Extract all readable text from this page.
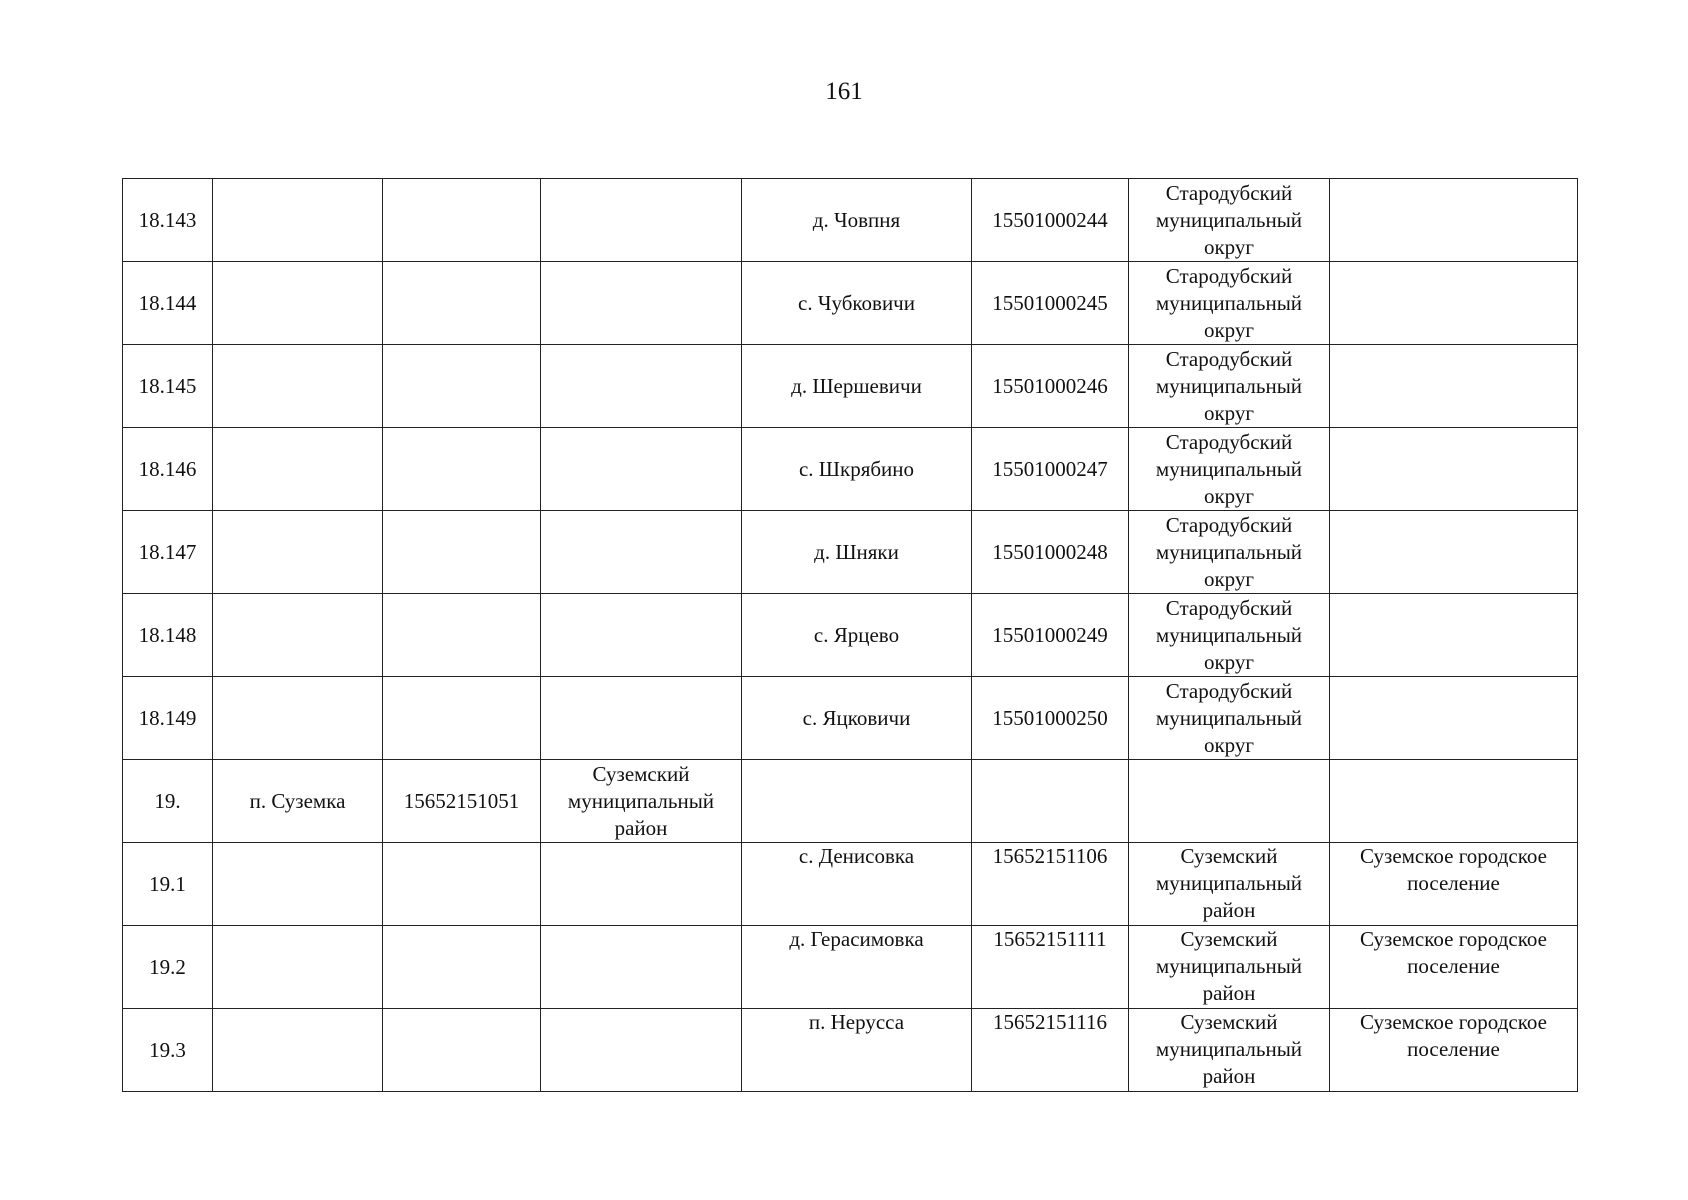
161
18.143				д. Човпня	15501000244	Стародубский муниципальный округ	
18.144				с. Чубковичи	15501000245	Стародубский муниципальный округ	
18.145				д. Шершевичи	15501000246	Стародубский муниципальный округ	
18.146				с. Шкрябино	15501000247	Стародубский муниципальный округ	
18.147				д. Шняки	15501000248	Стародубский муниципальный округ	
18.148				с. Ярцево	15501000249	Стародубский муниципальный округ	
18.149				с. Яцковичи	15501000250	Стародубский муниципальный округ	
19.	п. Суземка	15652151051	Суземский муниципальный район				
19.1				с. Денисовка	15652151106	Суземский муниципальный район	Суземское городское поселение
19.2				д. Герасимовка	15652151111	Суземский муниципальный район	Суземское городское поселение
19.3				п. Нерусса	15652151116	Суземский муниципальный район	Суземское городское поселение
